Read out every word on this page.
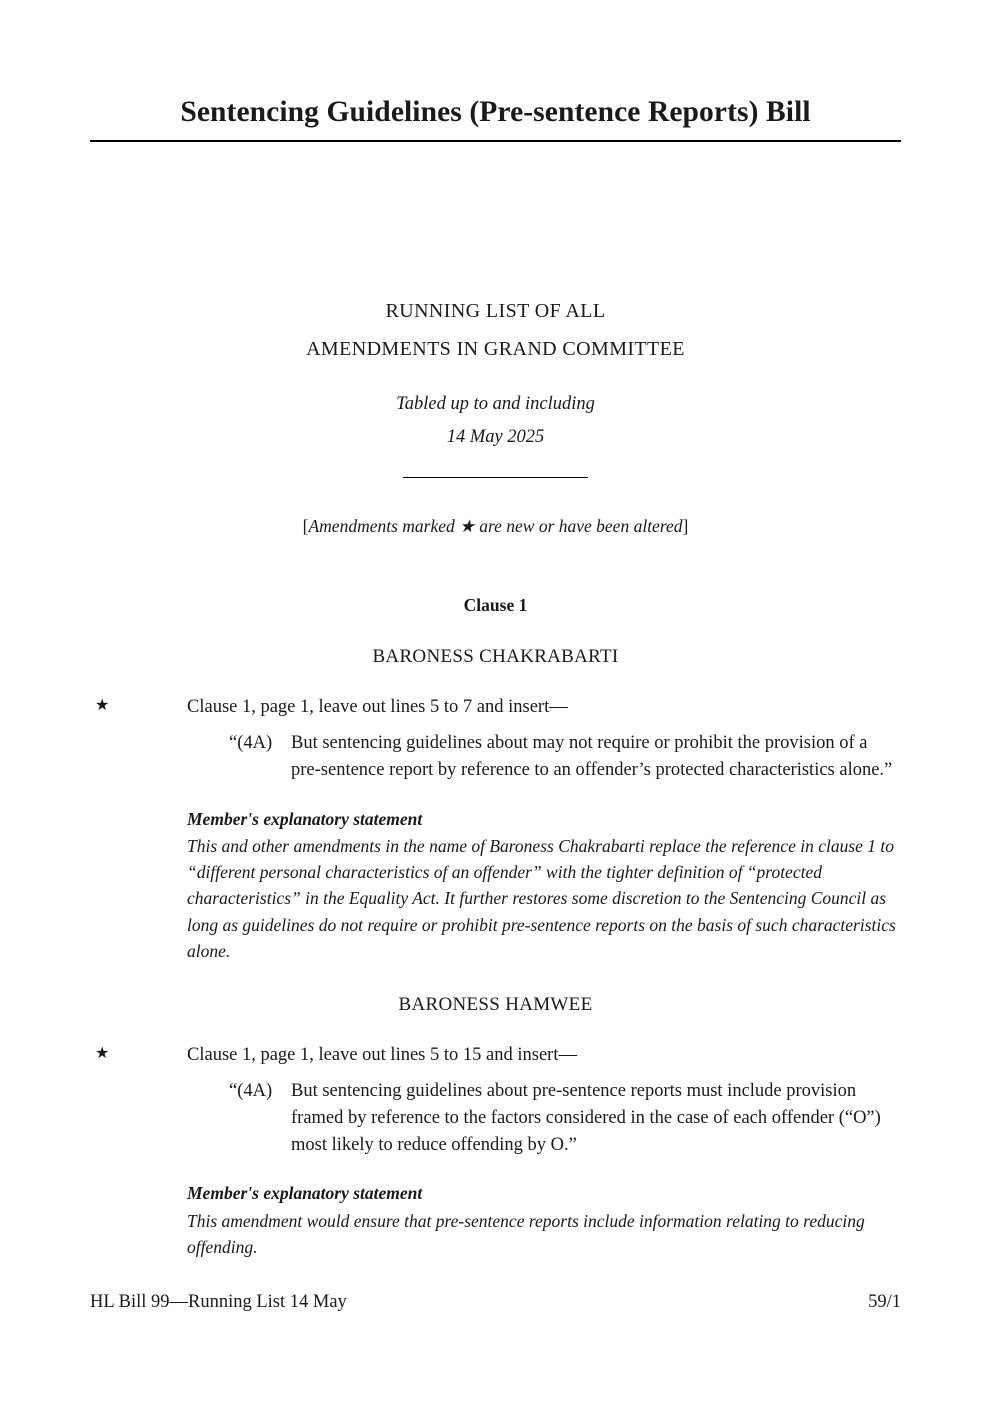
Sentencing Guidelines (Pre-sentence Reports) Bill
RUNNING LIST OF ALL
AMENDMENTS IN GRAND COMMITTEE
Tabled up to and including
14 May 2025
[Amendments marked ★ are new or have been altered]
Clause 1
BARONESS CHAKRABARTI
★	Clause 1, page 1, leave out lines 5 to 7 and insert—
“(4A)	But sentencing guidelines about may not require or prohibit the provision of a pre-sentence report by reference to an offender’s protected characteristics alone.”
Member's explanatory statement
This and other amendments in the name of Baroness Chakrabarti replace the reference in clause 1 to “different personal characteristics of an offender” with the tighter definition of “protected characteristics” in the Equality Act. It further restores some discretion to the Sentencing Council as long as guidelines do not require or prohibit pre-sentence reports on the basis of such characteristics alone.
BARONESS HAMWEE
★	Clause 1, page 1, leave out lines 5 to 15 and insert—
“(4A)	But sentencing guidelines about pre-sentence reports must include provision framed by reference to the factors considered in the case of each offender (“O”) most likely to reduce offending by O.”
Member's explanatory statement
This amendment would ensure that pre-sentence reports include information relating to reducing offending.
HL Bill 99—Running List 14 May	59/1
